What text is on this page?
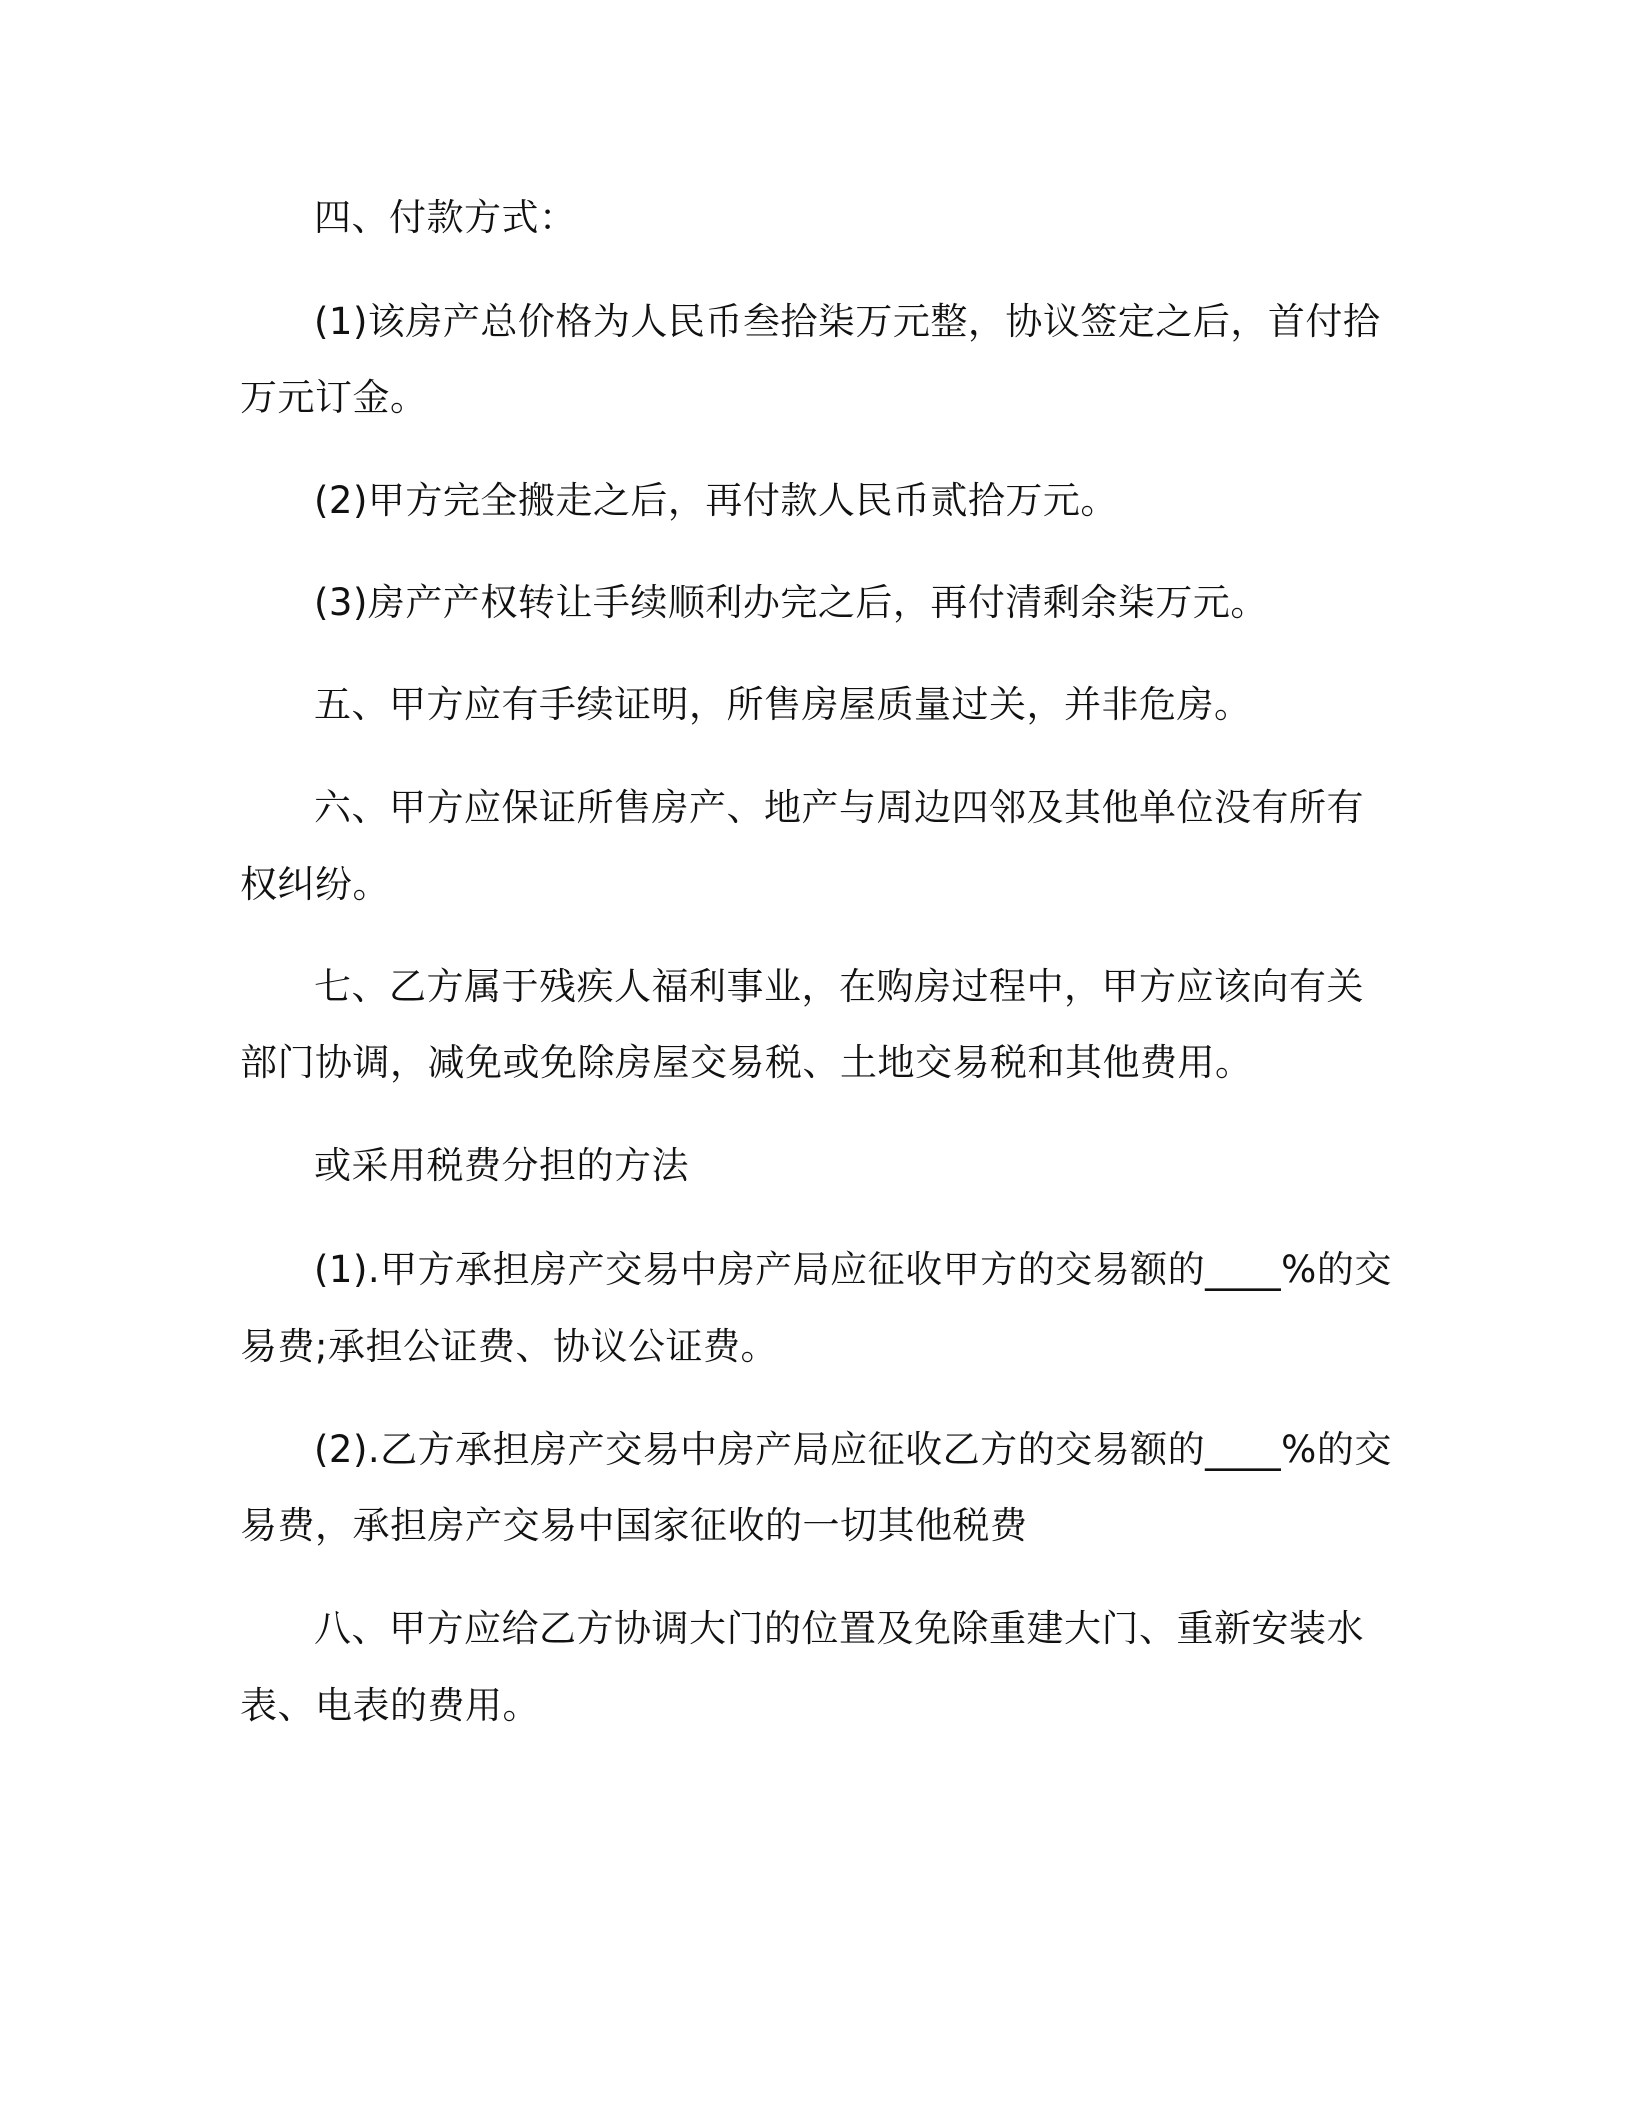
四、付款方式：
(1)该房产总价格为人民币叁拾柒万元整，协议签定之后，首付拾
万元订金。
(2)甲方完全搬走之后，再付款人民币贰拾万元。
(3)房产产权转让手续顺利办完之后，再付清剩余柒万元。
五、甲方应有手续证明，所售房屋质量过关，并非危房。
六、甲方应保证所售房产、地产与周边四邻及其他单位没有所有
权纠纷。
七、乙方属于残疾人福利事业，在购房过程中，甲方应该向有关
部门协调，减免或免除房屋交易税、土地交易税和其他费用。
或采用税费分担的方法
(1).甲方承担房产交易中房产局应征收甲方的交易额的____%的交
易费;承担公证费、协议公证费。
(2).乙方承担房产交易中房产局应征收乙方的交易额的____%的交
易费，承担房产交易中国家征收的一切其他税费
八、甲方应给乙方协调大门的位置及免除重建大门、重新安装水
表、电表的费用。
